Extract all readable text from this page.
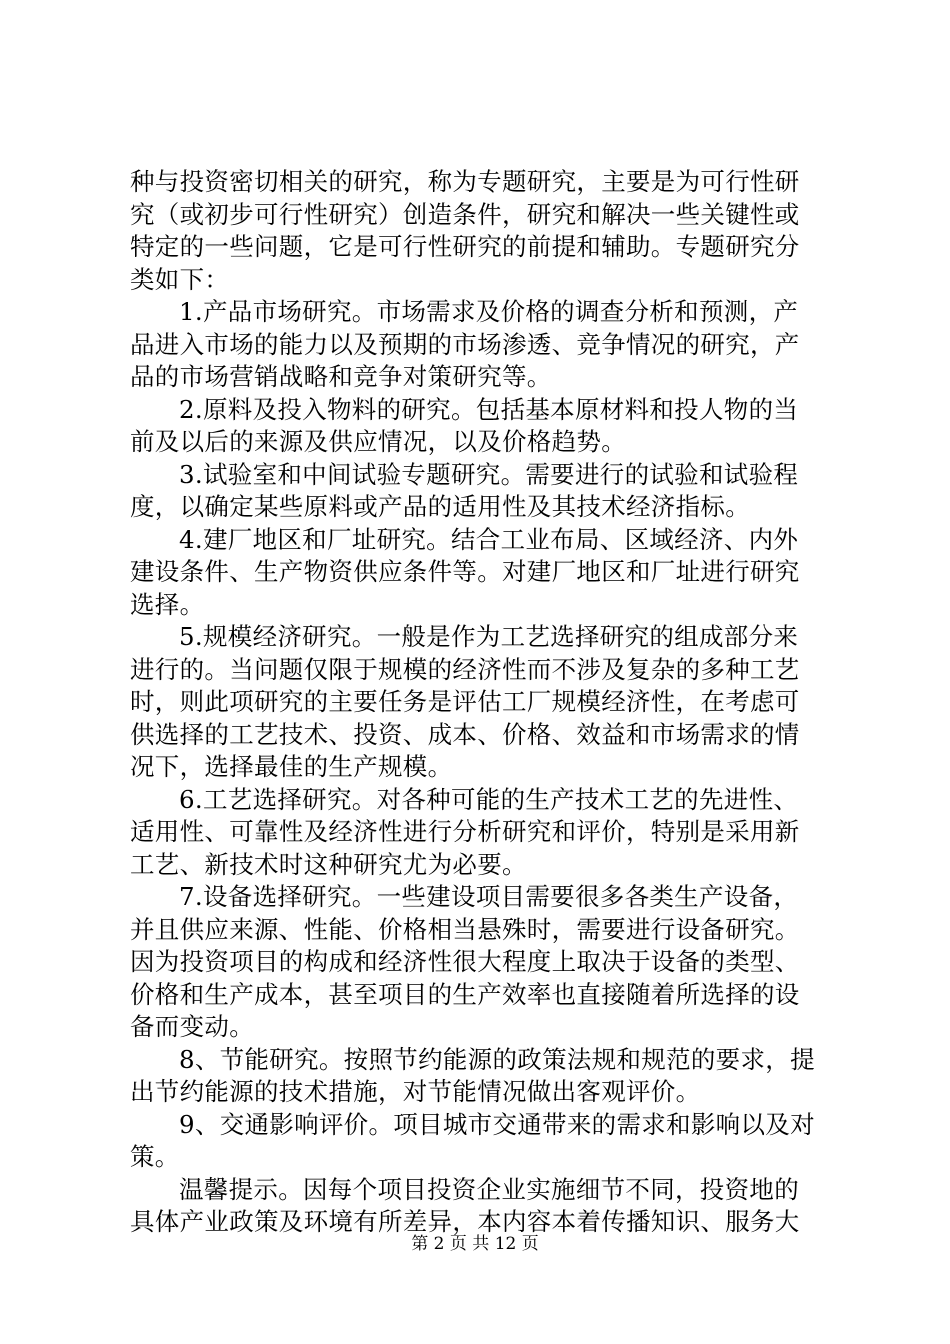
种与投资密切相关的研究，称为专题研究，主要是为可行性研
究（或初步可行性研究）创造条件，研究和解决一些关键性或
特定的一些问题，它是可行性研究的前提和辅助。专题研究分
类如下：
1.产品市场研究。市场需求及价格的调查分析和预测，产
品进入市场的能力以及预期的市场渗透、竞争情况的研究，产
品的市场营销战略和竞争对策研究等。
2.原料及投入物料的研究。包括基本原材料和投人物的当
前及以后的来源及供应情况，以及价格趋势。
3.试验室和中间试验专题研究。需要进行的试验和试验程
度，以确定某些原料或产品的适用性及其技术经济指标。
4.建厂地区和厂址研究。结合工业布局、区域经济、内外
建设条件、生产物资供应条件等。对建厂地区和厂址进行研究
选择。
5.规模经济研究。一般是作为工艺选择研究的组成部分来
进行的。当问题仅限于规模的经济性而不涉及复杂的多种工艺
时，则此项研究的主要任务是评估工厂规模经济性，在考虑可
供选择的工艺技术、投资、成本、价格、效益和市场需求的情
况下，选择最佳的生产规模。
6.工艺选择研究。对各种可能的生产技术工艺的先进性、
适用性、可靠性及经济性进行分析研究和评价，特别是采用新
工艺、新技术时这种研究尤为必要。
7.设备选择研究。一些建设项目需要很多各类生产设备，
并且供应来源、性能、价格相当悬殊时，需要进行设备研究。
因为投资项目的构成和经济性很大程度上取决于设备的类型、
价格和生产成本，甚至项目的生产效率也直接随着所选择的设
备而变动。
8、节能研究。按照节约能源的政策法规和规范的要求，提
出节约能源的技术措施，对节能情况做出客观评价。
9、交通影响评价。项目城市交通带来的需求和影响以及对
策。
温馨提示。因每个项目投资企业实施细节不同，投资地的
具体产业政策及环境有所差异，本内容本着传播知识、服务大
第 2 页 共 12 页
